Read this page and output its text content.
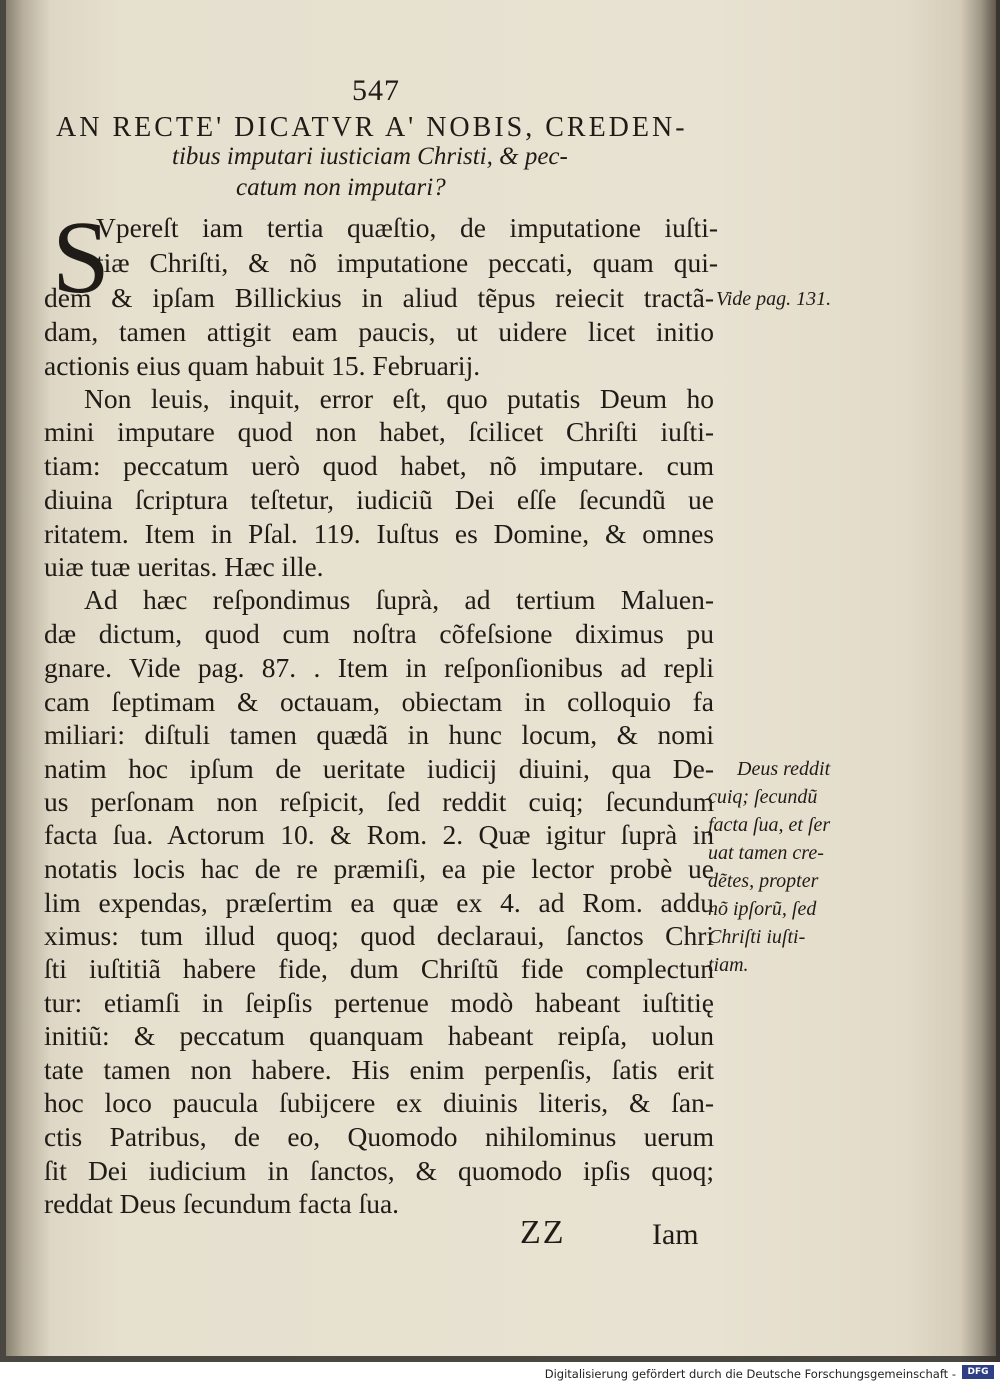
547
AN RECTE' DICATVR A' NOBIS, CREDEN-
tibus imputari iusticiam Christi, & pec-
catum non imputari?
S
Vpereſt iam tertia quæſtio, de imputatione iuſti-
tiæ Chriſti, & nõ imputatione peccati, quam qui-
dem & ipſam Billickius in aliud tẽpus reiecit tractã-
dam, tamen attigit eam paucis, ut uidere licet initio
actionis eius quam habuit 15. Februarij.
Non leuis, inquit, error eſt, quo putatis Deum ho
mini imputare quod non habet, ſcilicet Chriſti iuſti-
tiam: peccatum uerò quod habet, nõ imputare. cum
diuina ſcriptura teſtetur, iudiciũ Dei eſſe ſecundũ ue
ritatem. Item in Pſal. 119. Iuſtus es Domine, & omnes
uiæ tuæ ueritas. Hæc ille.
Ad hæc reſpondimus ſuprà, ad tertium Maluen-
dæ dictum, quod cum noſtra cõfeſsione diximus pu
gnare. Vide pag. 87. . Item in reſponſionibus ad repli
cam ſeptimam & octauam, obiectam in colloquio fa
miliari: diſtuli tamen quædã in hunc locum, & nomi
natim hoc ipſum de ueritate iudicij diuini, qua De-
us perſonam non reſpicit, ſed reddit cuiq; ſecundum
facta ſua. Actorum 10. & Rom. 2. Quæ igitur ſuprà in
notatis locis hac de re præmiſi, ea pie lector probè ue
lim expendas, præſertim ea quæ ex 4. ad Rom. addu
ximus: tum illud quoq; quod declaraui, ſanctos Chri
ſti iuſtitiã habere fide, dum Chriſtũ fide complectun
tur: etiamſi in ſeipſis pertenue modò habeant iuſtitię
initiũ: & peccatum quanquam habeant reipſa, uolun
tate tamen non habere. His enim perpenſis, ſatis erit
hoc loco paucula ſubijcere ex diuinis literis, & ſan-
ctis Patribus, de eo, Quomodo nihilominus uerum
ſit Dei iudicium in ſanctos, & quomodo ipſis quoq;
reddat Deus ſecundum facta ſua.
Vide pag. 131.
Deus reddit
cuiq; ſecundũ
facta ſua, et ſer
uat tamen cre-
dẽtes, propter
nõ ipſorũ, ſed
Chriſti iuſti-
tiam.
ZZ	Iam
Digitalisierung gefördert durch die Deutsche Forschungsgemeinschaft -	DFG
